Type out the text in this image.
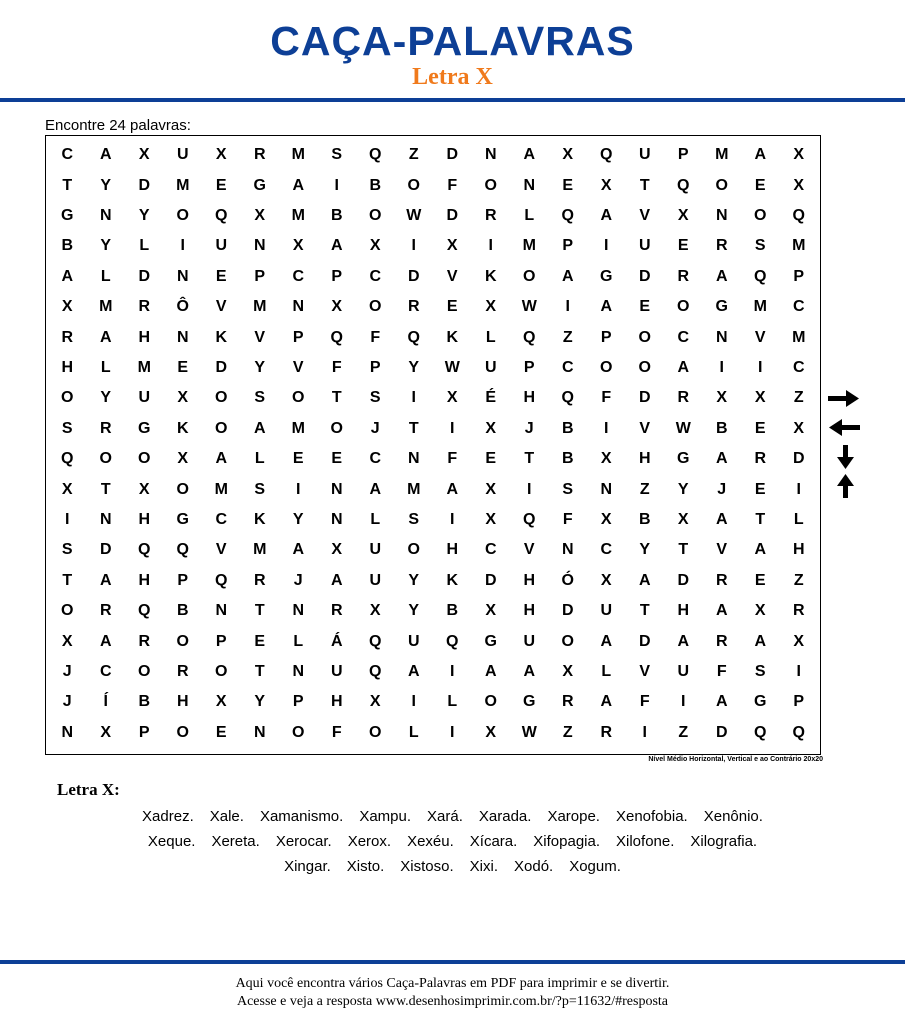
CAÇA-PALAVRAS
Letra X
Encontre 24 palavras:
C	A	X	U	X	R	M	S	Q	Z	D	N	A	X	Q	U	P	M	A	X
T	Y	D	M	E	G	A	I	B	O	F	O	N	E	X	T	Q	O	E	X
G	N	Y	O	Q	X	M	B	O	W	D	R	L	Q	A	V	X	N	O	Q
B	Y	L	I	U	N	X	A	X	I	X	I	M	P	I	U	E	R	S	M
A	L	D	N	E	P	C	P	C	D	V	K	O	A	G	D	R	A	Q	P
X	M	R	Ô	V	M	N	X	O	R	E	X	W	I	A	E	O	G	M	C
R	A	H	N	K	V	P	Q	F	Q	K	L	Q	Z	P	O	C	N	V	M
H	L	M	E	D	Y	V	F	P	Y	W	U	P	C	O	O	A	I	I	C
O	Y	U	X	O	S	O	T	S	I	X	É	H	Q	F	D	R	X	X	Z
S	R	G	K	O	A	M	O	J	T	I	X	J	B	I	V	W	B	E	X
Q	O	O	X	A	L	E	E	C	N	F	E	T	B	X	H	G	A	R	D
X	T	X	O	M	S	I	N	A	M	A	X	I	S	N	Z	Y	J	E	I
I	N	H	G	C	K	Y	N	L	S	I	X	Q	F	X	B	X	A	T	L
S	D	Q	Q	V	M	A	X	U	O	H	C	V	N	C	Y	T	V	A	H
T	A	H	P	Q	R	J	A	U	Y	K	D	H	Ó	X	A	D	R	E	Z
O	R	Q	B	N	T	N	R	X	Y	B	X	H	D	U	T	H	A	X	R
X	A	R	O	P	E	L	Á	Q	U	Q	G	U	O	A	D	A	R	A	X
J	C	O	R	O	T	N	U	Q	A	I	A	A	X	L	V	U	F	S	I
J	Í	B	H	X	Y	P	H	X	I	L	O	G	R	A	F	I	A	G	P
N	X	P	O	E	N	O	F	O	L	I	X	W	Z	R	I	Z	D	Q	Q
Nível Médio Horizontal, Vertical e ao Contrário 20x20
Letra X:
Xadrez. Xale. Xamanismo. Xampu. Xará. Xarada. Xarope. Xenofobia. Xenônio.
Xeque. Xereta. Xerocar. Xerox. Xexéu. Xícara. Xifopagia. Xilofone. Xilografia.
Xingar. Xisto. Xistoso. Xixi. Xodó. Xogum.
Aqui você encontra vários Caça-Palavras em PDF para imprimir e se divertir.
Acesse e veja a resposta www.desenhosimprimir.com.br/?p=11632/#resposta
